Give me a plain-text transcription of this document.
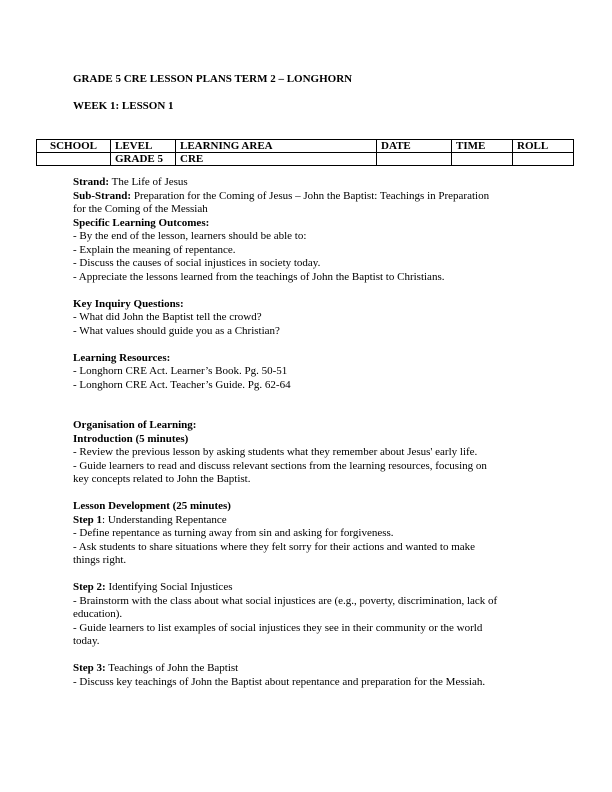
GRADE 5 CRE LESSON PLANS TERM 2 – LONGHORN
WEEK 1: LESSON 1
SCHOOL	LEVEL	LEARNING AREA	DATE	TIME	ROLL
	GRADE 5	CRE			

Strand: The Life of Jesus

Sub-Strand: Preparation for the Coming of Jesus – John the Baptist: Teachings in Preparation

for the Coming of the Messiah

Specific Learning Outcomes:

- By the end of the lesson, learners should be able to:

- Explain the meaning of repentance.

- Discuss the causes of social injustices in society today.

- Appreciate the lessons learned from the teachings of John the Baptist to Christians.

Key Inquiry Questions:

- What did John the Baptist tell the crowd?

- What values should guide you as a Christian?

Learning Resources:

- Longhorn CRE Act. Learner’s Book. Pg. 50-51

- Longhorn CRE Act. Teacher’s Guide. Pg. 62-64

Organisation of Learning:

Introduction (5 minutes)

- Review the previous lesson by asking students what they remember about Jesus' early life.

- Guide learners to read and discuss relevant sections from the learning resources, focusing on

key concepts related to John the Baptist.

Lesson Development (25 minutes)

Step 1: Understanding Repentance

- Define repentance as turning away from sin and asking for forgiveness.

- Ask students to share situations where they felt sorry for their actions and wanted to make

things right.

Step 2: Identifying Social Injustices

- Brainstorm with the class about what social injustices are (e.g., poverty, discrimination, lack of

education).

- Guide learners to list examples of social injustices they see in their community or the world

today.

Step 3: Teachings of John the Baptist

- Discuss key teachings of John the Baptist about repentance and preparation for the Messiah.
